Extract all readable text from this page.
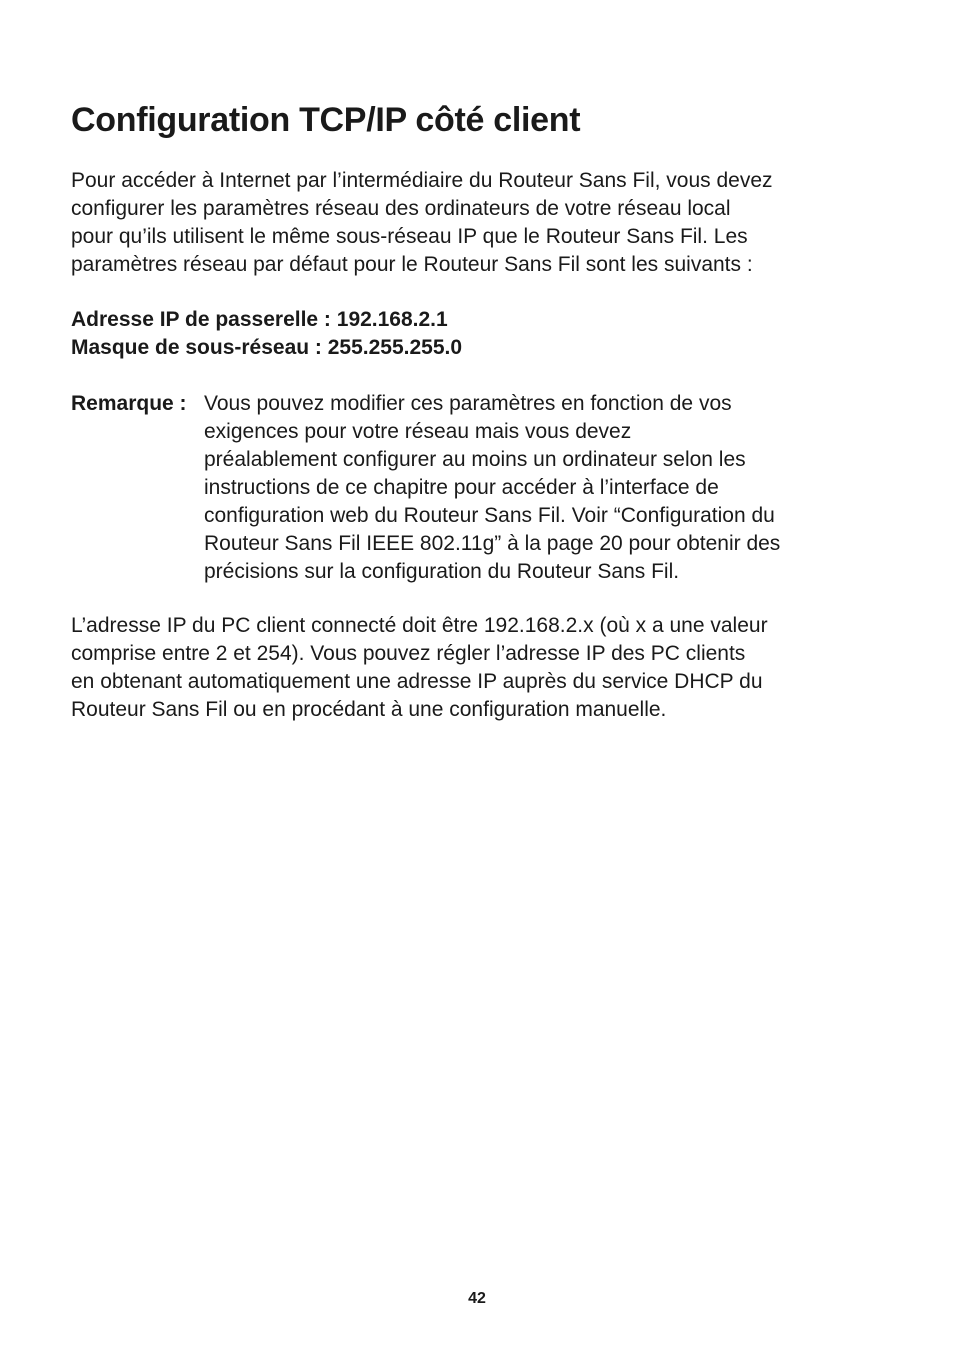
Configuration TCP/IP côté client

Pour accéder à Internet par l’intermédiaire du Routeur Sans Fil, vous devez
configurer les paramètres réseau des ordinateurs de votre réseau local
pour qu’ils utilisent le même sous-réseau IP que le Routeur Sans Fil. Les
paramètres réseau par défaut pour le Routeur Sans Fil sont les suivants :

Adresse IP de passerelle : 192.168.2.1
Masque de sous-réseau : 255.255.255.0
Remarque : Vous pouvez modifier ces paramètres en fonction de vos
exigences pour votre réseau mais vous devez
préalablement configurer au moins un ordinateur selon les
instructions de ce chapitre pour accéder à l’interface de
configuration web du Routeur Sans Fil. Voir “Configuration du
Routeur Sans Fil IEEE 802.11g” à la page 20 pour obtenir des
précisions sur la configuration du Routeur Sans Fil.

L’adresse IP du PC client connecté doit être 192.168.2.x (où x a une valeur
comprise entre 2 et 254). Vous pouvez régler l’adresse IP des PC clients
en obtenant automatiquement une adresse IP auprès du service DHCP du
Routeur Sans Fil ou en procédant à une configuration manuelle.

42
